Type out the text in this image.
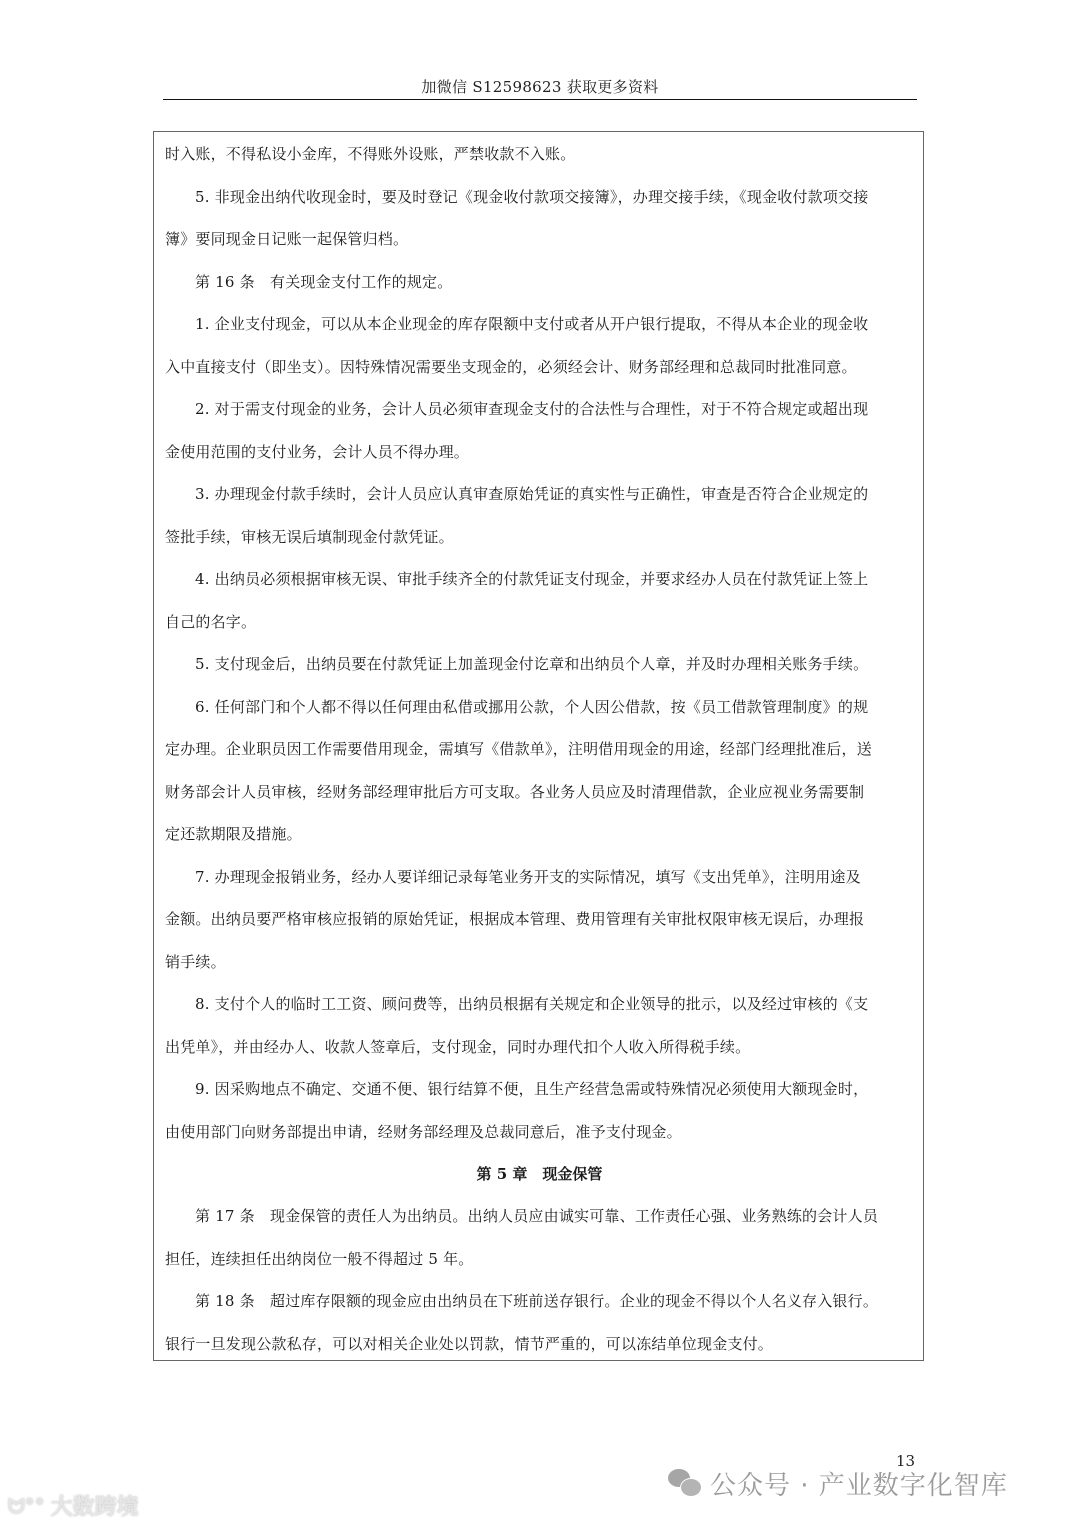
加微信 S12598623 获取更多资料
时入账，不得私设小金库，不得账外设账，严禁收款不入账。
5. 非现金出纳代收现金时，要及时登记《现金收付款项交接簿》，办理交接手续，《现金收付款项交接
簿》要同现金日记账一起保管归档。
第 16 条　有关现金支付工作的规定。
1. 企业支付现金，可以从本企业现金的库存限额中支付或者从开户银行提取，不得从本企业的现金收
入中直接支付（即坐支）。因特殊情况需要坐支现金的，必须经会计、财务部经理和总裁同时批准同意。
2. 对于需支付现金的业务，会计人员必须审查现金支付的合法性与合理性，对于不符合规定或超出现
金使用范围的支付业务，会计人员不得办理。
3. 办理现金付款手续时，会计人员应认真审查原始凭证的真实性与正确性，审查是否符合企业规定的
签批手续，审核无误后填制现金付款凭证。
4. 出纳员必须根据审核无误、审批手续齐全的付款凭证支付现金，并要求经办人员在付款凭证上签上
自己的名字。
5. 支付现金后，出纳员要在付款凭证上加盖现金付讫章和出纳员个人章，并及时办理相关账务手续。
6. 任何部门和个人都不得以任何理由私借或挪用公款，个人因公借款，按《员工借款管理制度》的规
定办理。企业职员因工作需要借用现金，需填写《借款单》，注明借用现金的用途，经部门经理批准后，送
财务部会计人员审核，经财务部经理审批后方可支取。各业务人员应及时清理借款，企业应视业务需要制
定还款期限及措施。
7. 办理现金报销业务，经办人要详细记录每笔业务开支的实际情况，填写《支出凭单》，注明用途及
金额。出纳员要严格审核应报销的原始凭证，根据成本管理、费用管理有关审批权限审核无误后，办理报
销手续。
8. 支付个人的临时工工资、顾问费等，出纳员根据有关规定和企业领导的批示，以及经过审核的《支
出凭单》，并由经办人、收款人签章后，支付现金，同时办理代扣个人收入所得税手续。
9. 因采购地点不确定、交通不便、银行结算不便，且生产经营急需或特殊情况必须使用大额现金时，
由使用部门向财务部提出申请，经财务部经理及总裁同意后，准予支付现金。
第 5 章　现金保管
第 17 条　现金保管的责任人为出纳员。出纳人员应由诚实可靠、工作责任心强、业务熟练的会计人员
担任，连续担任出纳岗位一般不得超过 5 年。
第 18 条　超过库存限额的现金应由出纳员在下班前送存银行。企业的现金不得以个人名义存入银行。
银行一旦发现公款私存，可以对相关企业处以罚款，情节严重的，可以冻结单位现金支付。
13
公众号 · 产业数字化智库
ᗢ°° 大数跨境
